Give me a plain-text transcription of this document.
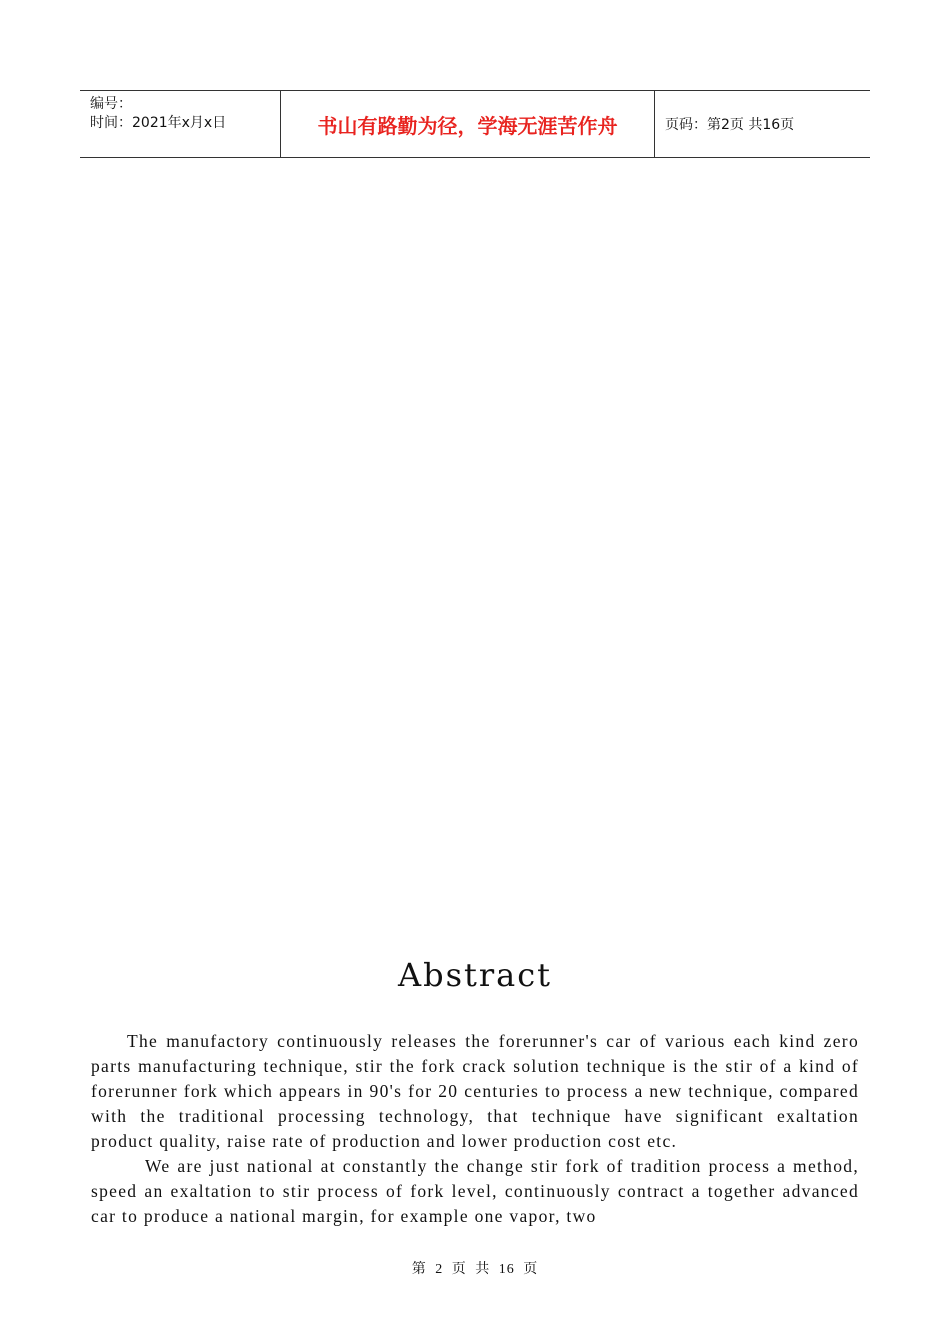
编号：
时间：2021年x月x日	书山有路勤为径，学海无涯苦作舟	页码：第2页 共16页
Abstract

The manufactory continuously releases the forerunner's car of various each kind zero parts manufacturing technique, stir the fork crack solution technique is the stir of a kind of forerunner fork which appears in 90's for 20 centuries to process a new technique, compared with the traditional processing technology, that technique have significant exaltation product quality, raise rate of production and lower production cost etc.

We are just national at constantly the change stir fork of tradition process a method, speed an exaltation to stir process of fork level, continuously contract a together advanced car to produce a national margin, for example one vapor, two

第 2 页 共 16 页
